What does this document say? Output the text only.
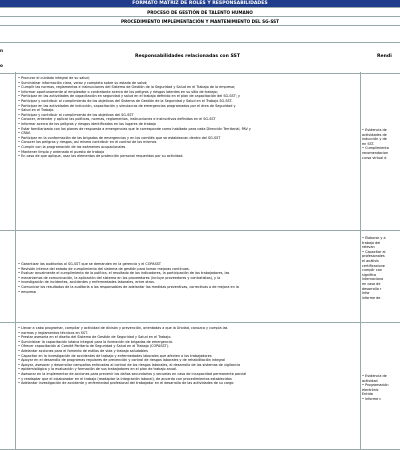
FORMATO MATRIZ DE ROLES Y RESPONSABILIDADES
PROCESO DE GESTIÓN DE TALENTO HUMANO
PROCEDIMIENTO IMPLEMENTACIÓN Y MANTENIMIENTO DEL SG-SST
n
o
Responsabilidades relacionadas con SST	Rendi
• Procurar el cuidado integral de su salud;
• Suministrar información clara, veraz y completa sobre su estado de salud;
• Cumplir las normas, reglamentos e instrucciones del Sistema de Gestión de la Seguridad y Salud en el Trabajo de la empresa;
• Informar oportunamente al empleador o contratante acerca de los peligros y riesgos latentes en su sitio de trabajo;
• Participar en las actividades de capacitación en seguridad y salud en el trabajo definido en el plan de capacitación del SG-SST; y
• Participar y contribuir al cumplimiento de los objetivos del Sistema de Gestión de la Seguridad y Salud en el Trabajo SG-SST.
• Participar en las actividades de inducción, capacitación y simulacros de emergencias programados por el área de Seguridad y
• Salud en el Trabajo.
• Participar y contribuir al cumplimiento de los objetivos del SG-SST
• Conocer, entender y aplicar las políticas, normas, reglamentos, instrucciones e instructivos definidos en el SG-SST
• Informar acerca de los peligros y riesgos identificados en los lugares de trabajo
• Estar familiarizado con los planes de respuesta a emergencias que le corresponde como habitado para cada Dirección Territorial, PAV y
• CRAV.
• Participar en la conformación de las brigadas de emergencias y en los comités que se establezcan dentro del SG-SST
• Conocer los peligros y riesgos, así mismo contribuir en el control de los mismos
• Cumplir con la programación de los exámenes ocupacionales
• Mantener limpio y ordenado el puesto de trabajo
• En caso de que aplique, usar los elementos de protección personal requeridos por su actividad.
• Evidencia de
actividades de
inducción y de
en SST.
• Cumplimiento
recomendacion
curso virtual d
• Garantizar las auditorías al SG-SST que se demanden en la gerencia y el COPASST
• Revisión interna del estado de cumplimiento del sistema de gestión para tomar mejoras continuas.
• Evaluar anualmente el cumplimiento de la política, el resultado de los indicadores, la participación de los trabajadores, las
• mecanismos de comunicación, la aplicación del sistema en los proveedores (incluye proveedores y contratistas), y la
• investigación de incidentes, accidentes y enfermedades laborales, entre otros.
• Comunicar los resultados de la auditoría a los responsables de adelantar las medidas preventivas, correctivas o de mejora en la
• empresa
• Elaborar y a
trabajo del
relevan
• Capacitar al
profesionales
el análisis
certificacione
cumplir con
significa
internaciona
en caso de
desarrollo r
Infor
informe de
• Llevar a cabo programar, compilar y actividad de divisón y prevención, orientadas a que la Unidad, conozca y cumpla las
• normas y reglamentos técnicos en SST.
• Prestar asesoría en el diseño del Sistema de Gestión de Seguridad y Salud en el Trabajo.
• Suministrar la capacitación básica integral para la formación de brigadas de emergencia.
• Ofrecer capacitación al Comité Paritario de Seguridad y Salud en el Trabajo (COPASST).
• Adelantar acciones para el fomento de estilos de vida y trabajo saludables
• Capacitar en la investigación de accidentes de trabajo y enfermedades laborales que afecten a los trabajadores
• Apoyar en el desarrollo de programas regulares de prevención y control de riesgos laborales y de rehabilitación integral
• Apoyar, asesorar y desarrollar campañas enfocadas al control de los riesgos laborales, al desarrollo de los sistemas de vigilancia
• epidemiológica y la evaluación y formación de sus trabajadores en el plan de trabajo anual.
• Asesorar en la implementar de acciones para prevenir los daños secundarios y secuelas en caso de incapacidad permanente parcial
• y readaptar que el colaborador en el trabajo (readaptar la integración laboral), de acuerdo con procedimientos establecidos
• Adelantar investigación de accidente y enfermedad profesional del trabajador en el desarrollo de las actividades de su cargo
• Evidencia de
actividad
• Programación
electrónic
Entida
• Informe c
